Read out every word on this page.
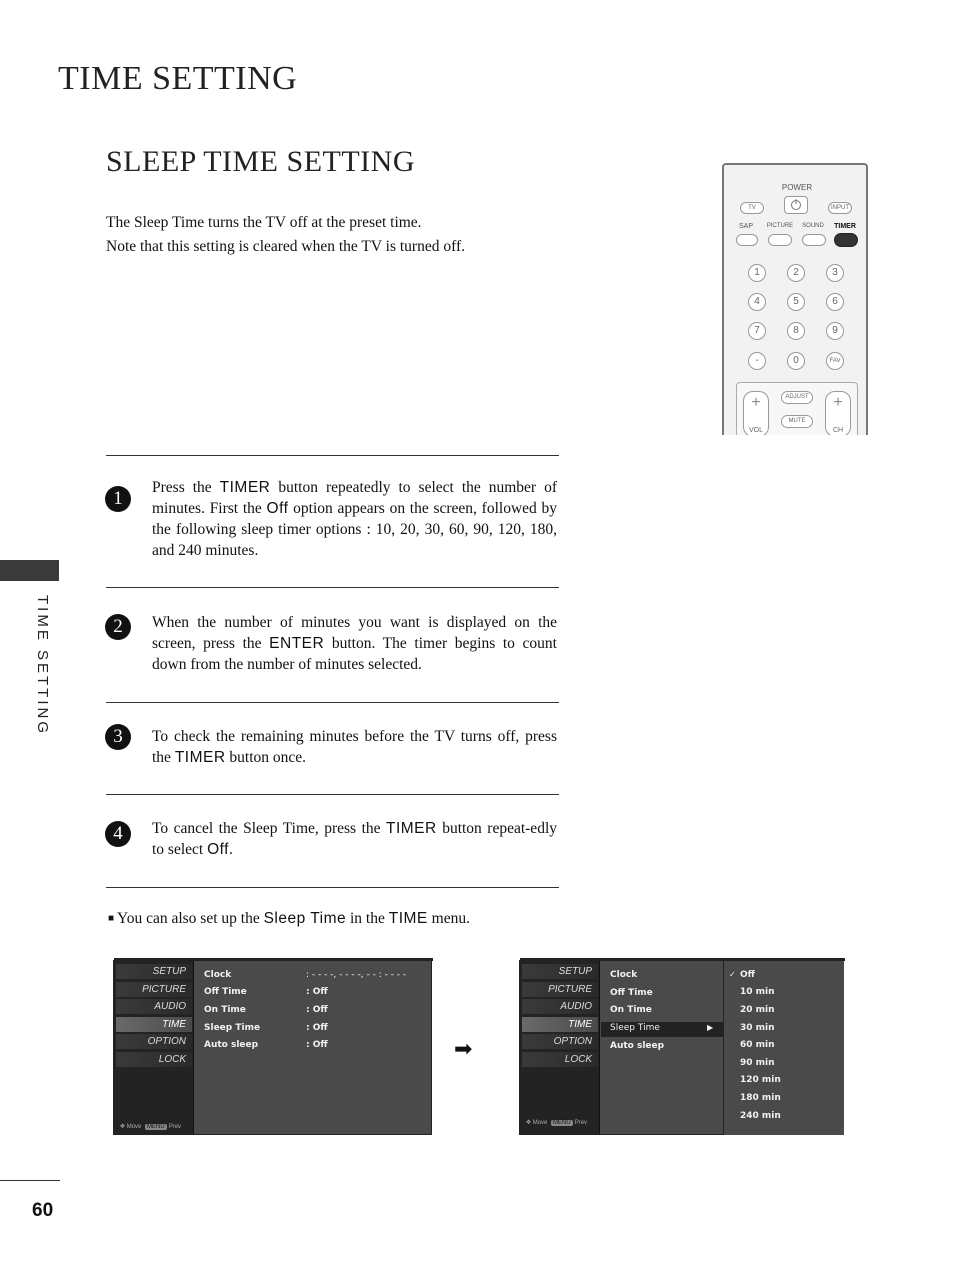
TIME SETTING
SLEEP TIME SETTING

The Sleep Time turns the TV off at the preset time.

Note that this setting is cleared when the TV is turned off.

TIME SETTING
POWER
TV	INPUT
SAP	PICTURE	SOUND	TIMER
1	2	3
4	5	6
7	8	9
-	0	FAV
+
VOL
ADJUST
MUTE
+
CH
1
Press the TIMER button repeatedly to select the number of minutes. First the Off option appears on the screen, followed by the following sleep timer options : 10, 20, 30, 60, 90, 120, 180, and 240 minutes.
2	When the number of minutes you want is displayed on the screen, press the ENTER button. The timer begins to count down from the number of minutes selected.
3	To check the remaining minutes before the TV turns off, press the TIMER button once.
4	To cancel the Sleep Time, press the TIMER button repeat-edly to select Off.
■ You can also set up the Sleep Time in the TIME menu.
SETUP
PICTURE
AUDIO
TIME
OPTION
LOCK
✥ Move MENU Prev
Clock	: - - - -, - - - -, - - : - - - -
Off Time	: Off
On Time	: Off
Sleep Time	: Off
Auto sleep	: Off	➡
SETUP
PICTURE
AUDIO
TIME
OPTION
LOCK
✥ Move MENU Prev
Clock
Off Time
On Time
Sleep Time	▶
Auto sleep
✓ Off
10 min
20 min
30 min
60 min
90 min
120 min
180 min
240 min
60
